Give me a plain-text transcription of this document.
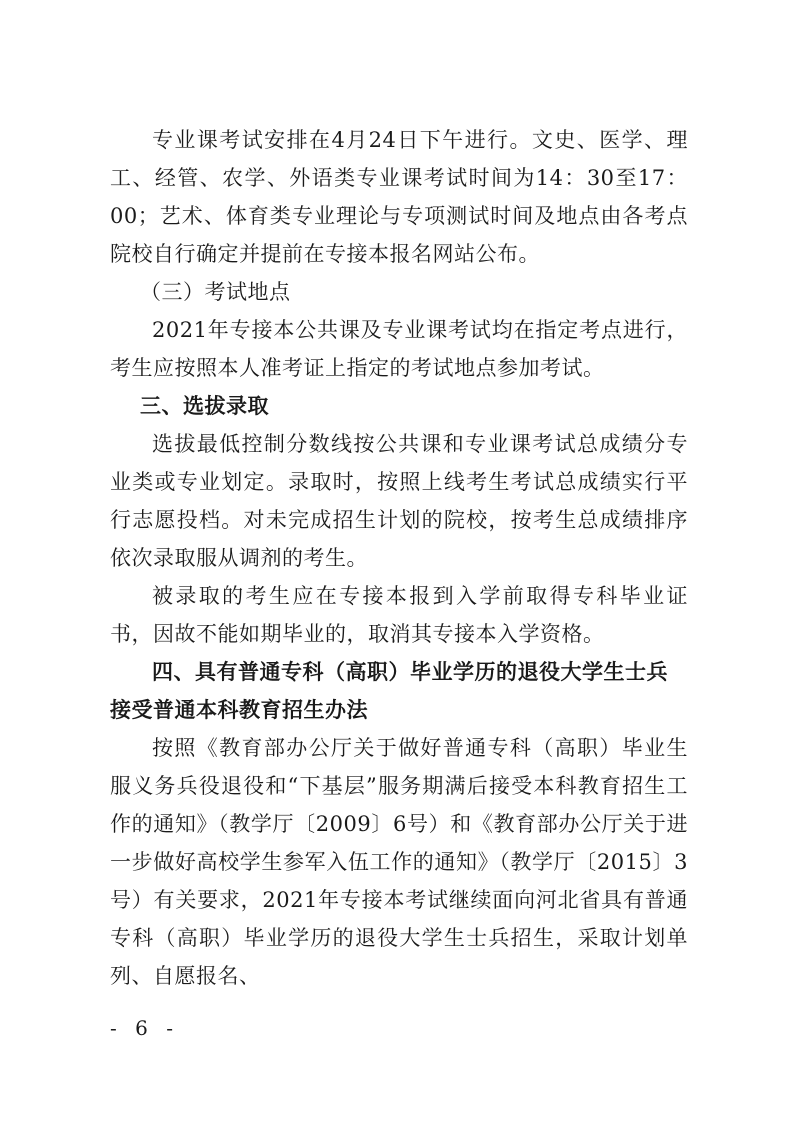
专业课考试安排在4月24日下午进行。文史、医学、理工、经管、农学、外语类专业课考试时间为14：30至17：00；艺术、体育类专业理论与专项测试时间及地点由各考点院校自行确定并提前在专接本报名网站公布。

（三）考试地点

2021年专接本公共课及专业课考试均在指定考点进行，考生应按照本人准考证上指定的考试地点参加考试。

三、选拔录取

选拔最低控制分数线按公共课和专业课考试总成绩分专业类或专业划定。录取时，按照上线考生考试总成绩实行平行志愿投档。对未完成招生计划的院校，按考生总成绩排序依次录取服从调剂的考生。

被录取的考生应在专接本报到入学前取得专科毕业证书，因故不能如期毕业的，取消其专接本入学资格。

四、具有普通专科（高职）毕业学历的退役大学生士兵接受普通本科教育招生办法

按照《教育部办公厅关于做好普通专科（高职）毕业生服义务兵役退役和“下基层”服务期满后接受本科教育招生工作的通知》（教学厅〔2009〕6号）和《教育部办公厅关于进一步做好高校学生参军入伍工作的通知》（教学厅〔2015〕3号）有关要求，2021年专接本考试继续面向河北省具有普通专科（高职）毕业学历的退役大学生士兵招生，采取计划单列、自愿报名、

- 6 -
